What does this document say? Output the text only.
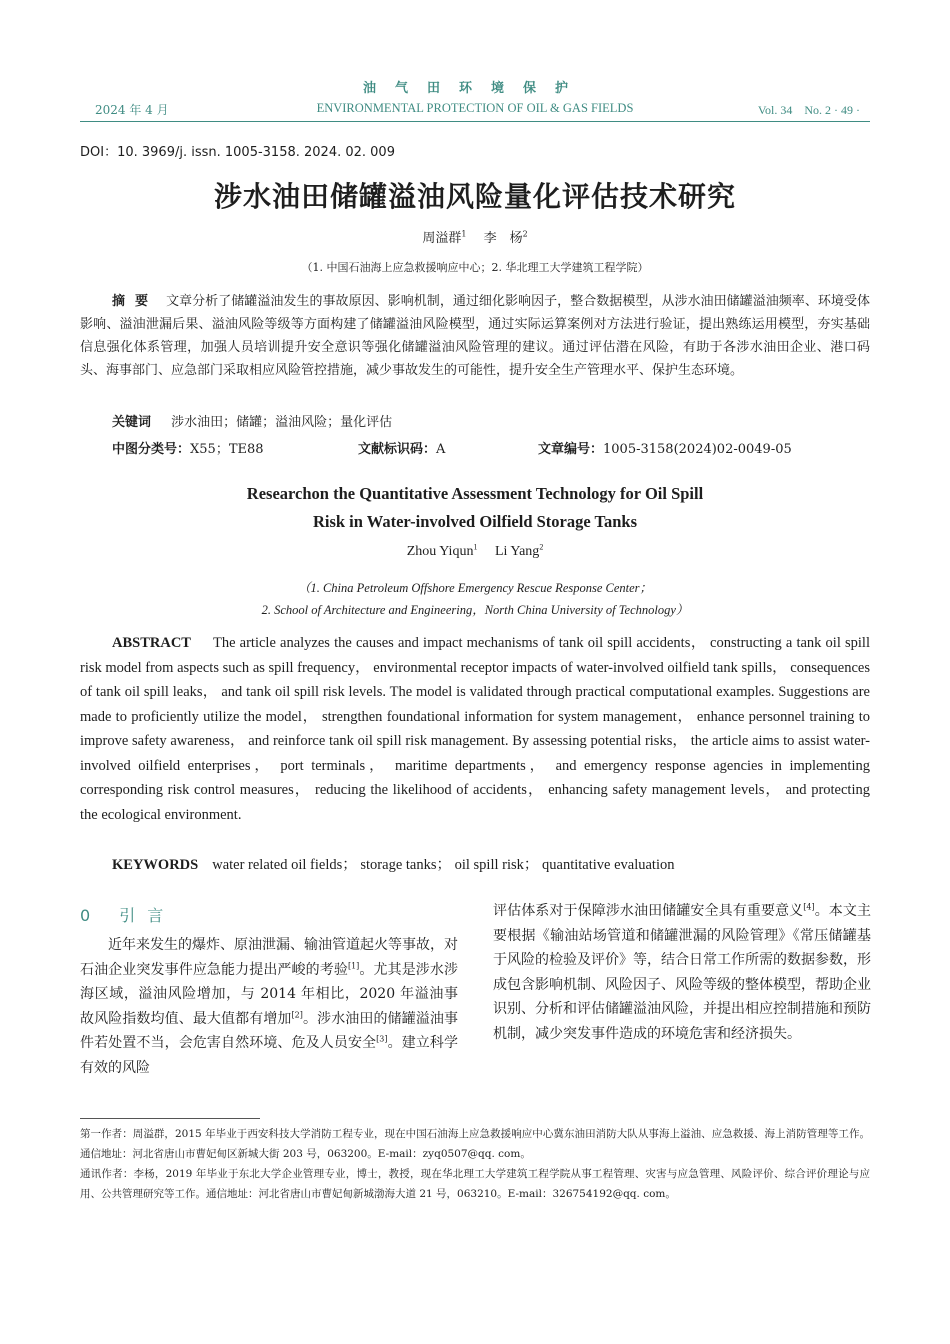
油气田环境保护
2024 年 4 月	ENVIRONMENTAL PROTECTION OF OIL & GAS FIELDS	Vol. 34　No. 2 · 49 ·
DOI：10. 3969/j. issn. 1005-3158. 2024. 02. 009
涉水油田储罐溢油风险量化评估技术研究
周溢群$^1$　 李　杨$^2$
（1. 中国石油海上应急救援响应中心；2. 华北理工大学建筑工程学院）
摘要 文章分析了储罐溢油发生的事故原因、影响机制，通过细化影响因子，整合数据模型，从涉水油田储罐溢油频率、环境受体影响、溢油泄漏后果、溢油风险等级等方面构建了储罐溢油风险模型，通过实际运算案例对方法进行验证，提出熟练运用模型，夯实基础信息强化体系管理，加强人员培训提升安全意识等强化储罐溢油风险管理的建议。通过评估潜在风险，有助于各涉水油田企业、港口码头、海事部门、应急部门采取相应风险管控措施，减少事故发生的可能性，提升安全生产管理水平、保护生态环境。
关键词 涉水油田；储罐；溢油风险；量化评估
中图分类号：X55；TE88	文献标识码：A	文章编号：1005-3158(2024)02-0049-05
Researchon the Quantitative Assessment Technology for Oil Spill
Risk in Water-involved Oilfield Storage Tanks
Zhou Yiqun$^1$　 Li Yang$^2$
（1. China Petroleum Offshore Emergency Rescue Response Center；
2. School of Architecture and Engineering，North China University of Technology）
ABSTRACT The article analyzes the causes and impact mechanisms of tank oil spill accidents， constructing a tank oil spill risk model from aspects such as spill frequency， environmental receptor impacts of water-involved oilfield tank spills， consequences of tank oil spill leaks， and tank oil spill risk levels. The model is validated through practical computational examples. Suggestions are made to proficiently utilize the model， strengthen foundational information for system management， enhance personnel training to improve safety awareness， and reinforce tank oil spill risk management. By assessing potential risks， the article aims to assist water-involved oilfield enterprises， port terminals， maritime departments， and emergency response agencies in implementing corresponding risk control measures， reducing the likelihood of accidents， enhancing safety management levels， and protecting the ecological environment.
KEYWORDS water related oil fields； storage tanks； oil spill risk； quantitative evaluation
0 引言
近年来发生的爆炸、原油泄漏、输油管道起火等事故，对石油企业突发事件应急能力提出严峻的考验[1]。尤其是涉水涉海区域，溢油风险增加，与 2014 年相比，2020 年溢油事故风险指数均值、最大值都有增加[2]。涉水油田的储罐溢油事件若处置不当，会危害自然环境、危及人员安全[3]。建立科学有效的风险
评估体系对于保障涉水油田储罐安全具有重要意义[4]。本文主要根据《输油站场管道和储罐泄漏的风险管理》《常压储罐基于风险的检验及评价》等，结合日常工作所需的数据参数，形成包含影响机制、风险因子、风险等级的整体模型，帮助企业识别、分析和评估储罐溢油风险，并提出相应控制措施和预防机制，减少突发事件造成的环境危害和经济损失。
第一作者：周溢群，2015 年毕业于西安科技大学消防工程专业，现在中国石油海上应急救援响应中心冀东油田消防大队从事海上溢油、应急救援、海上消防管理等工作。通信地址：河北省唐山市曹妃甸区新城大街 203 号，063200。E-mail：zyq0507@qq. com。
通讯作者：李杨，2019 年毕业于东北大学企业管理专业，博士，教授，现在华北理工大学建筑工程学院从事工程管理、灾害与应急管理、风险评价、综合评价理论与应用、公共管理研究等工作。通信地址：河北省唐山市曹妃甸新城渤海大道 21 号，063210。E-mail：326754192@qq. com。
